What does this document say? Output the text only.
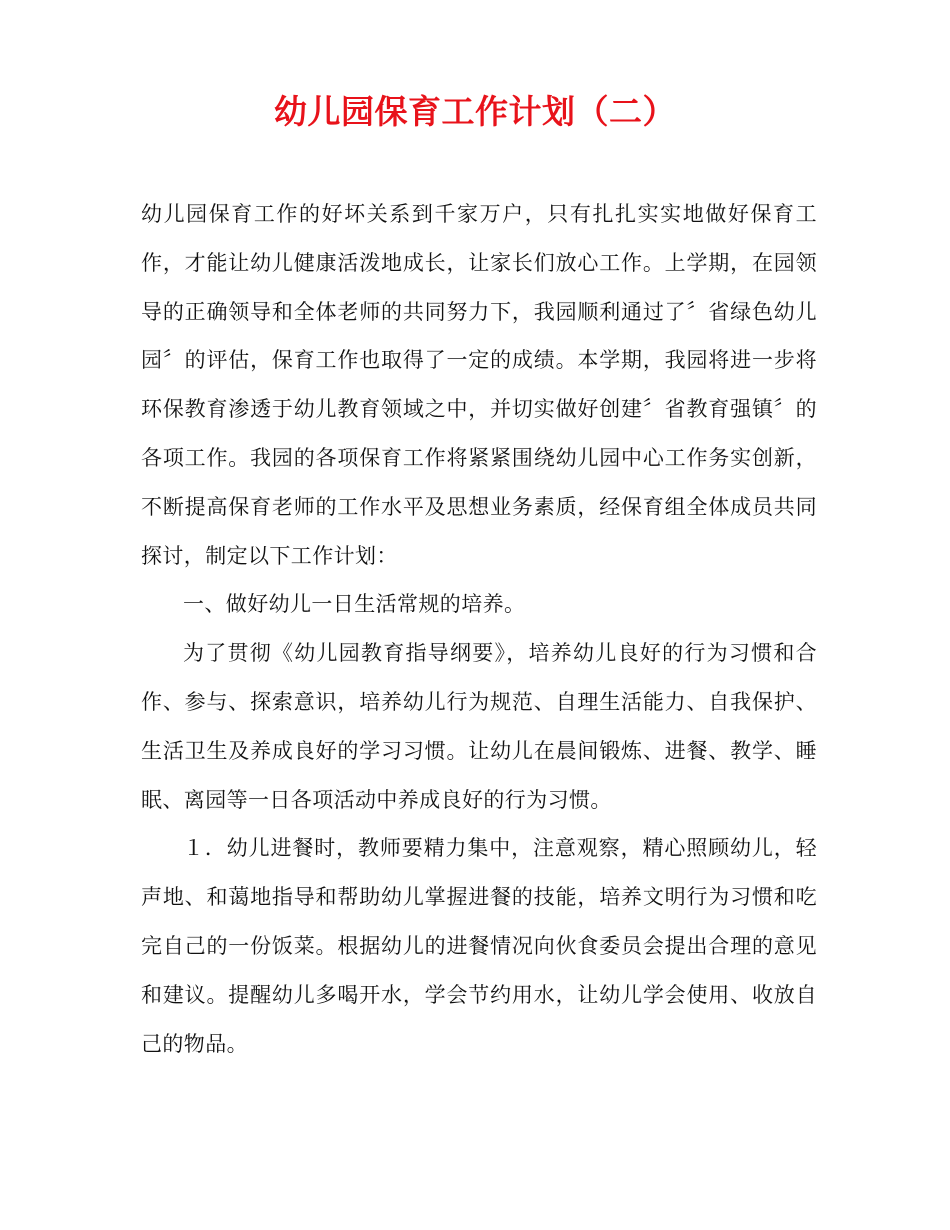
幼儿园保育工作计划（二）

幼儿园保育工作的好坏关系到千家万户，只有扎扎实实地做好保育工作，才能让幼儿健康活泼地成长，让家长们放心工作。上学期，在园领导的正确领导和全体老师的共同努力下，我园顺利通过了〞省绿色幼儿园〞的评估，保育工作也取得了一定的成绩。本学期，我园将进一步将环保教育渗透于幼儿教育领域之中，并切实做好创建〞省教育强镇〞的各项工作。我园的各项保育工作将紧紧围绕幼儿园中心工作务实创新，不断提高保育老师的工作水平及思想业务素质，经保育组全体成员共同探讨，制定以下工作计划：

一、做好幼儿一日生活常规的培养。

为了贯彻《幼儿园教育指导纲要》，培养幼儿良好的行为习惯和合作、参与、探索意识，培养幼儿行为规范、自理生活能力、自我保护、生活卫生及养成良好的学习习惯。让幼儿在晨间锻炼、进餐、教学、睡眠、离园等一日各项活动中养成良好的行为习惯。

１．幼儿进餐时，教师要精力集中，注意观察，精心照顾幼儿，轻声地、和蔼地指导和帮助幼儿掌握进餐的技能，培养文明行为习惯和吃完自己的一份饭菜。根据幼儿的进餐情况向伙食委员会提出合理的意见和建议。提醒幼儿多喝开水，学会节约用水，让幼儿学会使用、收放自己的物品。
